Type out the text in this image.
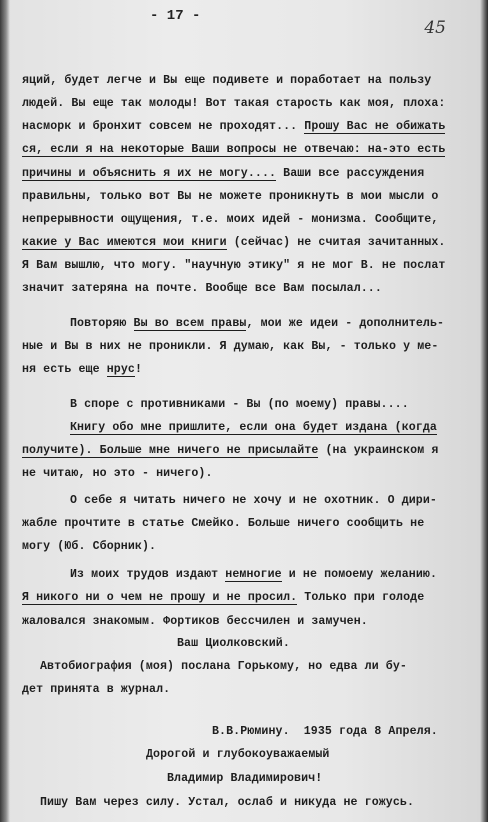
- 17 -
45
яций, будет легче и Вы еще подивете и поработает на пользу
людей. Вы еще так молоды! Вот такая старость как моя, плоха:
насморк и бронхит совсем не проходят... Прошу Вас не обижать
ся, если я на некоторые Ваши вопросы не отвечаю: на-это есть
причины и объяснить я их не могу.... Ваши все рассуждения
правильны, только вот Вы не можете проникнуть в мои мысли о
непрерывности ощущения, т.е. моих идей - монизма. Сообщите,
какие у Вас имеются мои книги (сейчас) не считая зачитанных.
Я Вам вышлю, что могу. "научную этику" я не мог В. не послат
значит затеряна на почте. Вообще все Вам посылал...
Повторяю Вы во всем правы, мои же идеи - дополнитель-
ные и Вы в них не проникли. Я думаю, как Вы, - только у ме-
ня есть еще нрус!
В споре с противниками - Вы (по моему) правы....
Книгу обо мне пришлите, если она будет издана (когда
получите). Больше мне ничего не присылайте (на украинском я
не читаю, но это - ничего).
О себе я читать ничего не хочу и не охотник. О дири-
жабле прочтите в статье Смейко. Больше ничего сообщить не
могу (Юб. Сборник).
Из моих трудов издают немногие и не помоему желанию.
Я никого ни о чем не прошу и не просил. Только при голоде
жаловался знакомым. Фортиков бессчилен и замучен.
Ваш Циолковский.
Автобиография (моя) послана Горькому, но едва ли бу-
дет принята в журнал.
В.В.Рюмину.  1935 года 8 Апреля.
Дорогой и глубокоуважаемый
Владимир Владимирович!
Пишу Вам через силу. Устал, ослаб и никуда не гожусь.
